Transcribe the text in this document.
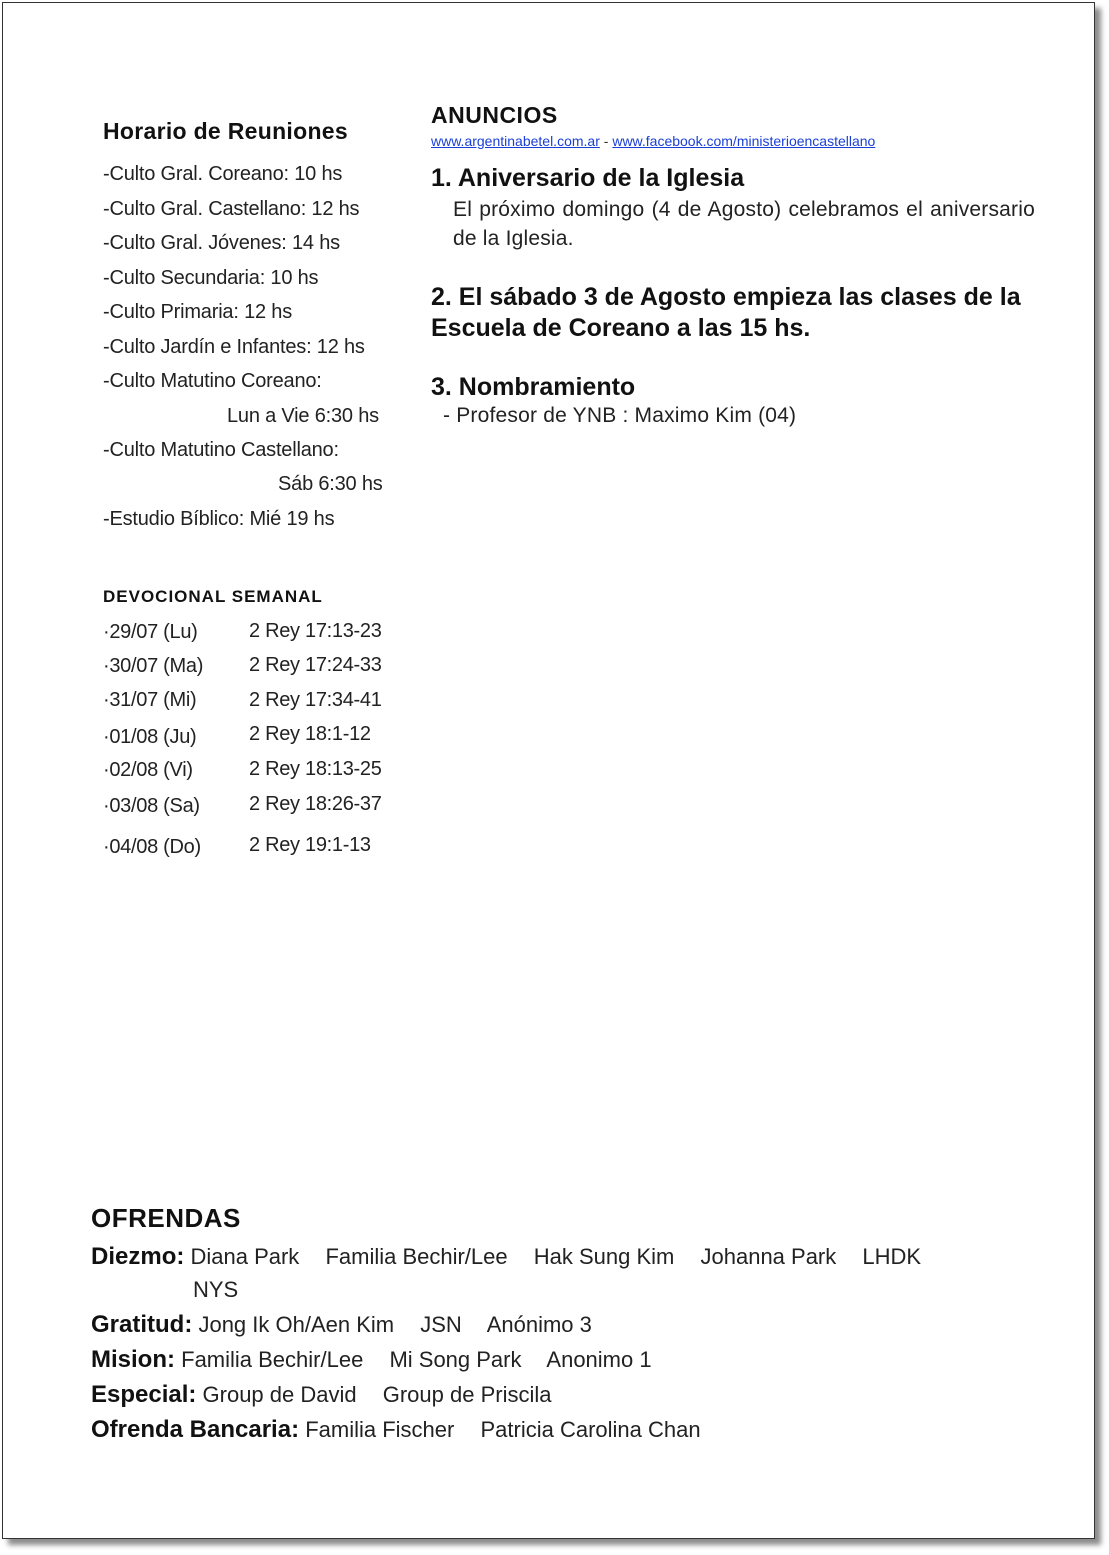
Horario de Reuniones
-Culto Gral. Coreano: 10 hs
-Culto Gral. Castellano: 12 hs
-Culto Gral. Jóvenes: 14 hs
-Culto Secundaria: 10 hs
-Culto Primaria: 12 hs
-Culto Jardín e Infantes: 12 hs
-Culto Matutino Coreano:
Lun a Vie 6:30 hs
-Culto Matutino Castellano:
Sáb 6:30 hs
-Estudio Bíblico: Mié 19 hs
DEVOCIONAL SEMANAL
·29/07 (Lu)	2 Rey 17:13-23
·30/07 (Ma) 2 Rey 17:24-33
·31/07 (Mi)	2 Rey 17:34-41
·01/08 (Ju)	2 Rey 18:1-12
·02/08 (Vi)	2 Rey 18:13-25
·03/08 (Sa) 2 Rey 18:26-37
·04/08 (Do) 2 Rey 19:1-13
ANUNCIOS
www.argentinabetel.com.ar - www.facebook.com/ministerioencastellano
1. Aniversario de la Iglesia
El próximo domingo (4 de Agosto) celebramos el aniversario de la Iglesia.
2. El sábado 3 de Agosto empieza las clases de la Escuela de Coreano a las 15 hs.
3. Nombramiento
- Profesor de YNB : Maximo Kim (04)
OFRENDAS
Diezmo: Diana Park Familia Bechir/Lee Hak Sung Kim Johanna Park LHDK
NYS
Gratitud: Jong Ik Oh/Aen Kim JSN Anónimo 3
Mision: Familia Bechir/Lee Mi Song Park Anonimo 1
Especial: Group de David Group de Priscila
Ofrenda Bancaria: Familia Fischer Patricia Carolina Chan
